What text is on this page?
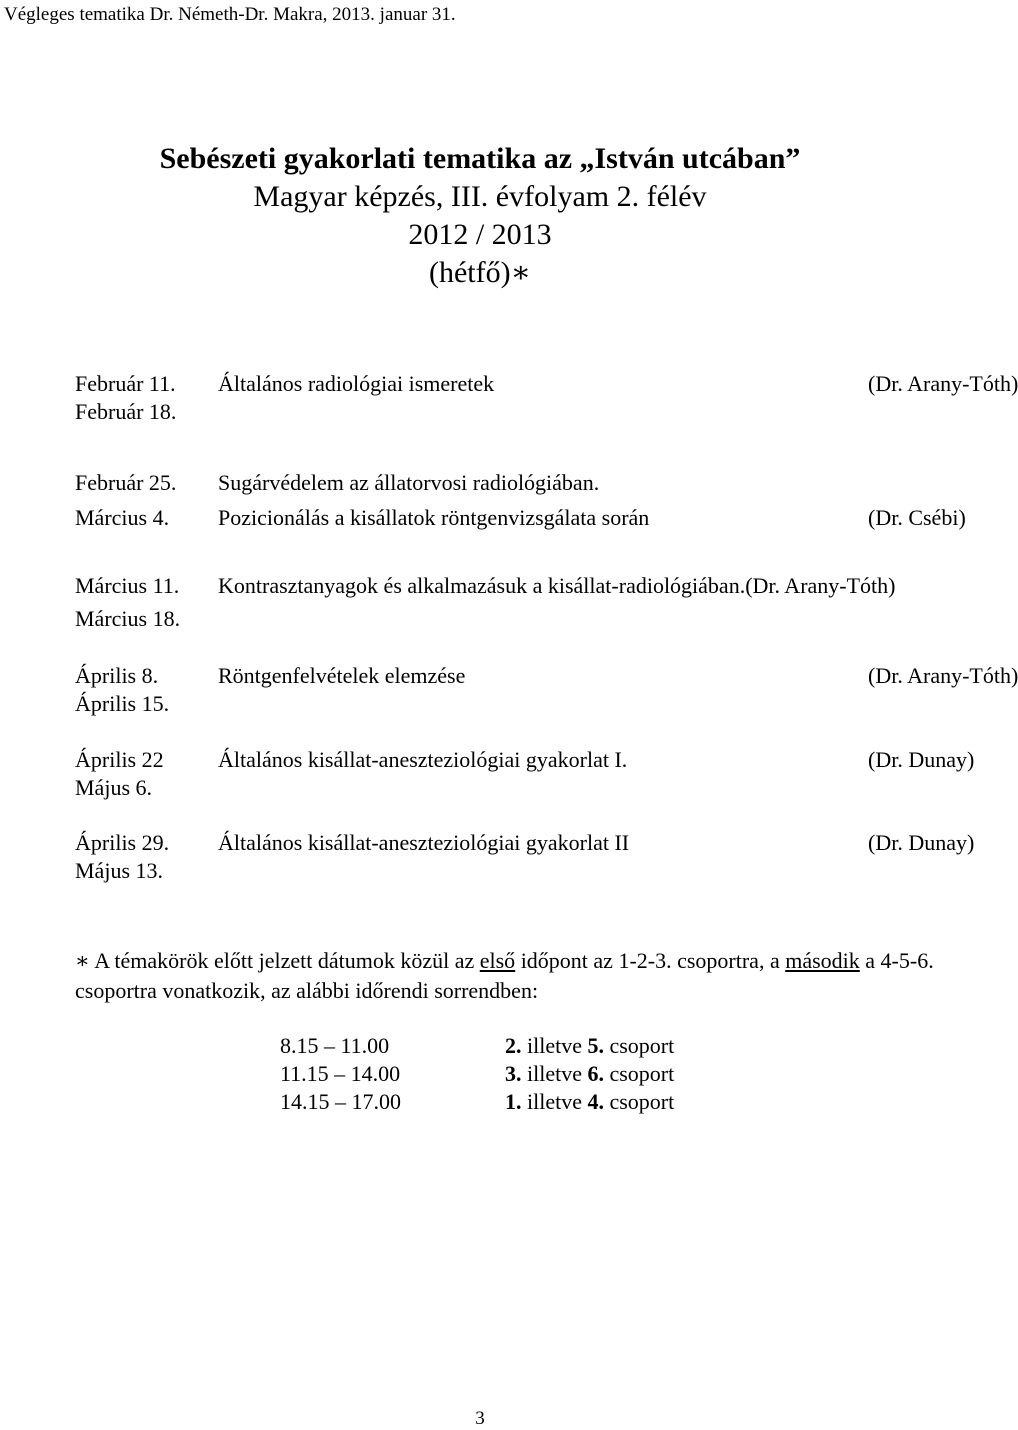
Végleges tematika Dr. Németh-Dr. Makra, 2013. januar 31.
Sebészeti gyakorlati tematika az „István utcában”
Magyar képzés, III. évfolyam 2. félév
2012 / 2013
(hétfő)∗
Február 11. Általános radiológiai ismeretek	(Dr. Arany-Tóth)
Február 18.
Február 25. Sugárvédelem az állatorvosi radiológiában.
Március 4. Pozicionálás a kisállatok röntgenvizsgálata során	(Dr. Csébi)
Március 11. Kontrasztanyagok és alkalmazásuk a kisállat-radiológiában.(Dr. Arany-Tóth)
Március 18.
Április 8.	Röntgenfelvételek elemzése	(Dr. Arany-Tóth)
Április 15.
Április 22 Általános kisállat-aneszteziológiai gyakorlat I.	(Dr. Dunay)
Május 6.
Április 29. Általános kisállat-aneszteziológiai gyakorlat II	(Dr. Dunay)
Május 13.
∗ A témakörök előtt jelzett dátumok közül az első időpont az 1-2-3. csoportra, a második a 4-5-6. csoportra vonatkozik, az alábbi időrendi sorrendben:
8.15 – 11.00	2. illetve 5. csoport
11.15 – 14.00	3. illetve 6. csoport
14.15 – 17.00	1. illetve 4. csoport
3
